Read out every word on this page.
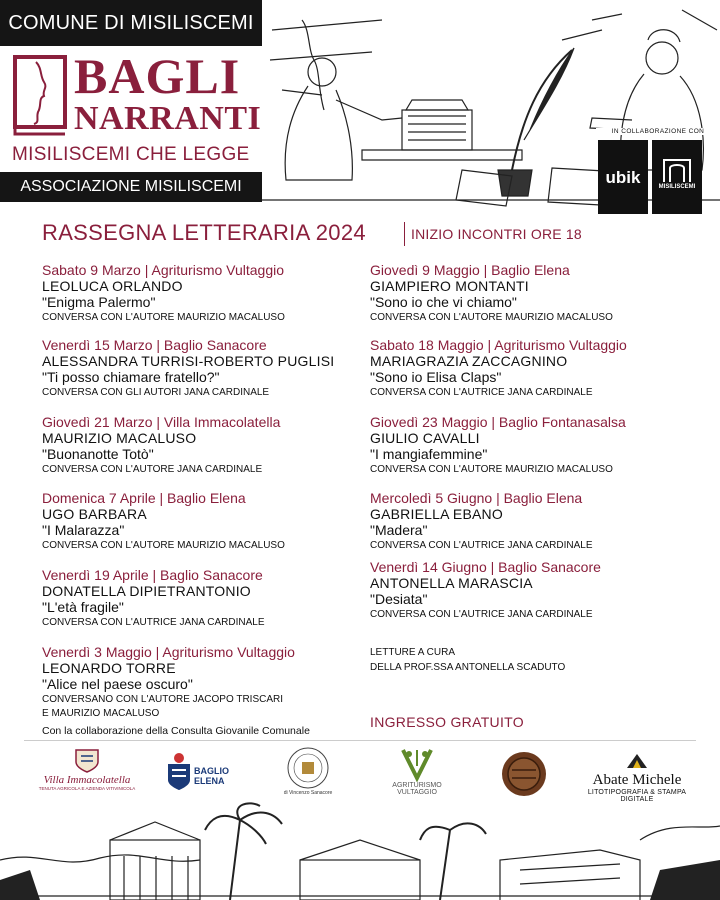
COMUNE DI MISILISCEMI
BAGLI
NARRANTI
MISILISCEMI CHE LEGGE
ASSOCIAZIONE MISILISCEMI
IN COLLABORAZIONE CON
ubik	MISILISCEMI
RASSEGNA LETTERARIA 2024	INIZIO INCONTRI ORE 18
Sabato 9 Marzo | Agriturismo Vultaggio
LEOLUCA ORLANDO
"Enigma Palermo"
CONVERSA CON L'AUTORE MAURIZIO MACALUSO
Venerdì 15 Marzo | Baglio Sanacore
ALESSANDRA TURRISI-ROBERTO PUGLISI
"Ti posso chiamare fratello?"
CONVERSA CON GLI AUTORI JANA CARDINALE
Giovedì 21 Marzo | Villa Immacolatella
MAURIZIO MACALUSO
"Buonanotte Totò"
CONVERSA CON L'AUTORE JANA CARDINALE
Domenica 7 Aprile | Baglio Elena
UGO BARBARA
"I Malarazza"
CONVERSA CON L'AUTORE MAURIZIO MACALUSO
Venerdì 19 Aprile | Baglio Sanacore
DONATELLA DIPIETRANTONIO
"L'età fragile"
CONVERSA CON L'AUTRICE JANA CARDINALE
Venerdì 3 Maggio | Agriturismo Vultaggio
LEONARDO TORRE
"Alice nel paese oscuro"
CONVERSANO CON L'AUTORE JACOPO TRISCARI
E MAURIZIO MACALUSO
Con la collaborazione della Consulta Giovanile Comunale
Giovedì 9 Maggio | Baglio Elena
GIAMPIERO MONTANTI
"Sono io che vi chiamo"
CONVERSA CON L'AUTORE MAURIZIO MACALUSO
Sabato 18 Maggio | Agriturismo Vultaggio
MARIAGRAZIA ZACCAGNINO
"Sono io Elisa Claps"
CONVERSA CON L'AUTRICE JANA CARDINALE
Giovedì 23 Maggio | Baglio Fontanasalsa
GIULIO CAVALLI
"I mangiafemmine"
CONVERSA CON L'AUTORE MAURIZIO MACALUSO
Mercoledì 5 Giugno | Baglio Elena
GABRIELLA EBANO
"Madera"
CONVERSA CON L'AUTRICE JANA CARDINALE
Venerdì 14 Giugno | Baglio Sanacore
ANTONELLA MARASCIA
"Desiata"
CONVERSA CON L'AUTRICE JANA CARDINALE
LETTURE A CURA
DELLA PROF.SSA ANTONELLA SCADUTO
INGRESSO GRATUITO
Villa Immacolatella
TENUTA AGRICOLA E AZIENDA VITIVINICOLA
BAGLIO
ELENA
di Vincenzo Sanacore
AGRITURISMO VULTAGGIO
Abate Michele
LITOTIPOGRAFIA & STAMPA DIGITALE
